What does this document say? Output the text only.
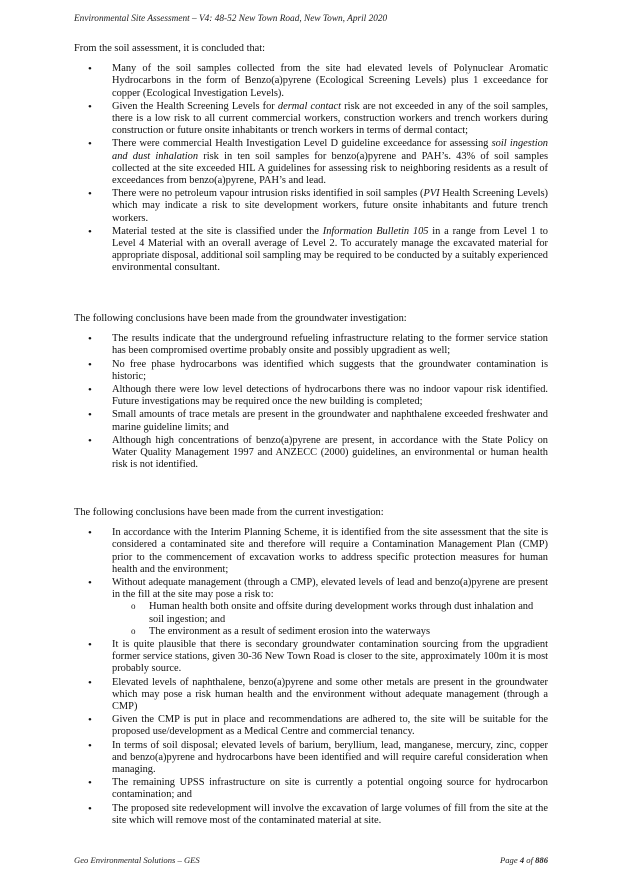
Environmental Site Assessment – V4: 48-52 New Town Road, New Town, April 2020

From the soil assessment, it is concluded that:

• Many of the soil samples collected from the site had elevated levels of Polynuclear Aromatic Hydrocarbons in the form of Benzo(a)pyrene (Ecological Screening Levels) plus 1 exceedance for copper (Ecological Investigation Levels).
• Given the Health Screening Levels for dermal contact risk are not exceeded in any of the soil samples, there is a low risk to all current commercial workers, construction workers and trench workers during construction or future onsite inhabitants or trench workers in terms of dermal contact;
• There were commercial Health Investigation Level D guideline exceedance for assessing soil ingestion and dust inhalation risk in ten soil samples for benzo(a)pyrene and PAH’s. 43% of soil samples collected at the site exceeded HIL A guidelines for assessing risk to neighboring residents as a result of exceedances from benzo(a)pyrene, PAH’s and lead.
• There were no petroleum vapour intrusion risks identified in soil samples (PVI Health Screening Levels) which may indicate a risk to site development workers, future onsite inhabitants and future trench workers.
• Material tested at the site is classified under the Information Bulletin 105 in a range from Level 1 to Level 4 Material with an overall average of Level 2. To accurately manage the excavated material for appropriate disposal, additional soil sampling may be required to be conducted by a suitably experienced environmental consultant.

The following conclusions have been made from the groundwater investigation:

• The results indicate that the underground refueling infrastructure relating to the former service station has been compromised overtime probably onsite and possibly upgradient as well;
• No free phase hydrocarbons was identified which suggests that the groundwater contamination is historic;
• Although there were low level detections of hydrocarbons there was no indoor vapour risk identified. Future investigations may be required once the new building is completed;
• Small amounts of trace metals are present in the groundwater and naphthalene exceeded freshwater and marine guideline limits; and
• Although high concentrations of benzo(a)pyrene are present, in accordance with the State Policy on Water Quality Management 1997 and ANZECC (2000) guidelines, an environmental or human health risk is not identified.

The following conclusions have been made from the current investigation:

• In accordance with the Interim Planning Scheme, it is identified from the site assessment that the site is considered a contaminated site and therefore will require a Contamination Management Plan (CMP) prior to the commencement of excavation works to address specific protection measures for human health and the environment;
• Without adequate management (through a CMP), elevated levels of lead and benzo(a)pyrene are present in the fill at the site may pose a risk to:
o Human health both onsite and offsite during development works through dust inhalation and soil ingestion; and
o The environment as a result of sediment erosion into the waterways
• It is quite plausible that there is secondary groundwater contamination sourcing from the upgradient former service stations, given 30-36 New Town Road is closer to the site, approximately 100m it is most probably source.
• Elevated levels of naphthalene, benzo(a)pyrene and some other metals are present in the groundwater which may pose a risk human health and the environment without adequate management (through a CMP)
• Given the CMP is put in place and recommendations are adhered to, the site will be suitable for the proposed use/development as a Medical Centre and commercial tenancy.
• In terms of soil disposal; elevated levels of barium, beryllium, lead, manganese, mercury, zinc, copper and benzo(a)pyrene and hydrocarbons have been identified and will require careful consideration when managing.
• The remaining UPSS infrastructure on site is currently a potential ongoing source for hydrocarbon contamination; and
• The proposed site redevelopment will involve the excavation of large volumes of fill from the site at the site which will remove most of the contaminated material at site.
Geo Environmental Solutions – GES	Page 4 of 886
